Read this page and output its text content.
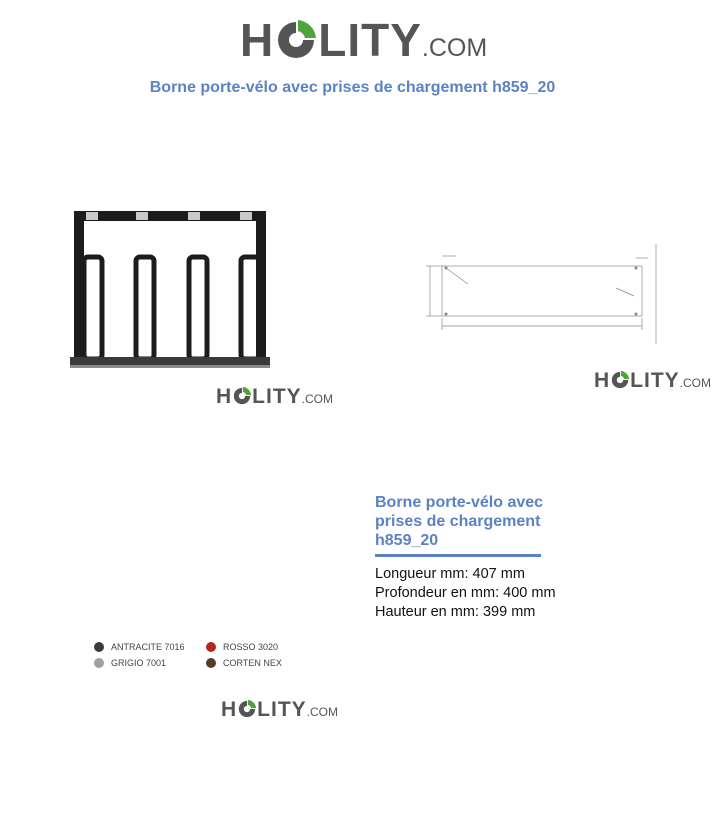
H LITY .COM
Borne porte-vélo avec prises de chargement h859_20
H LITY .COM
H LITY .COM
Borne porte-vélo avec prises de chargement h859_20
Longueur mm: 407 mm
Profondeur en mm: 400 mm
Hauteur en mm: 399 mm
ANTRACITE 7016	ROSSO 3020
GRIGIO 7001	CORTEN NEX
H LITY .COM
